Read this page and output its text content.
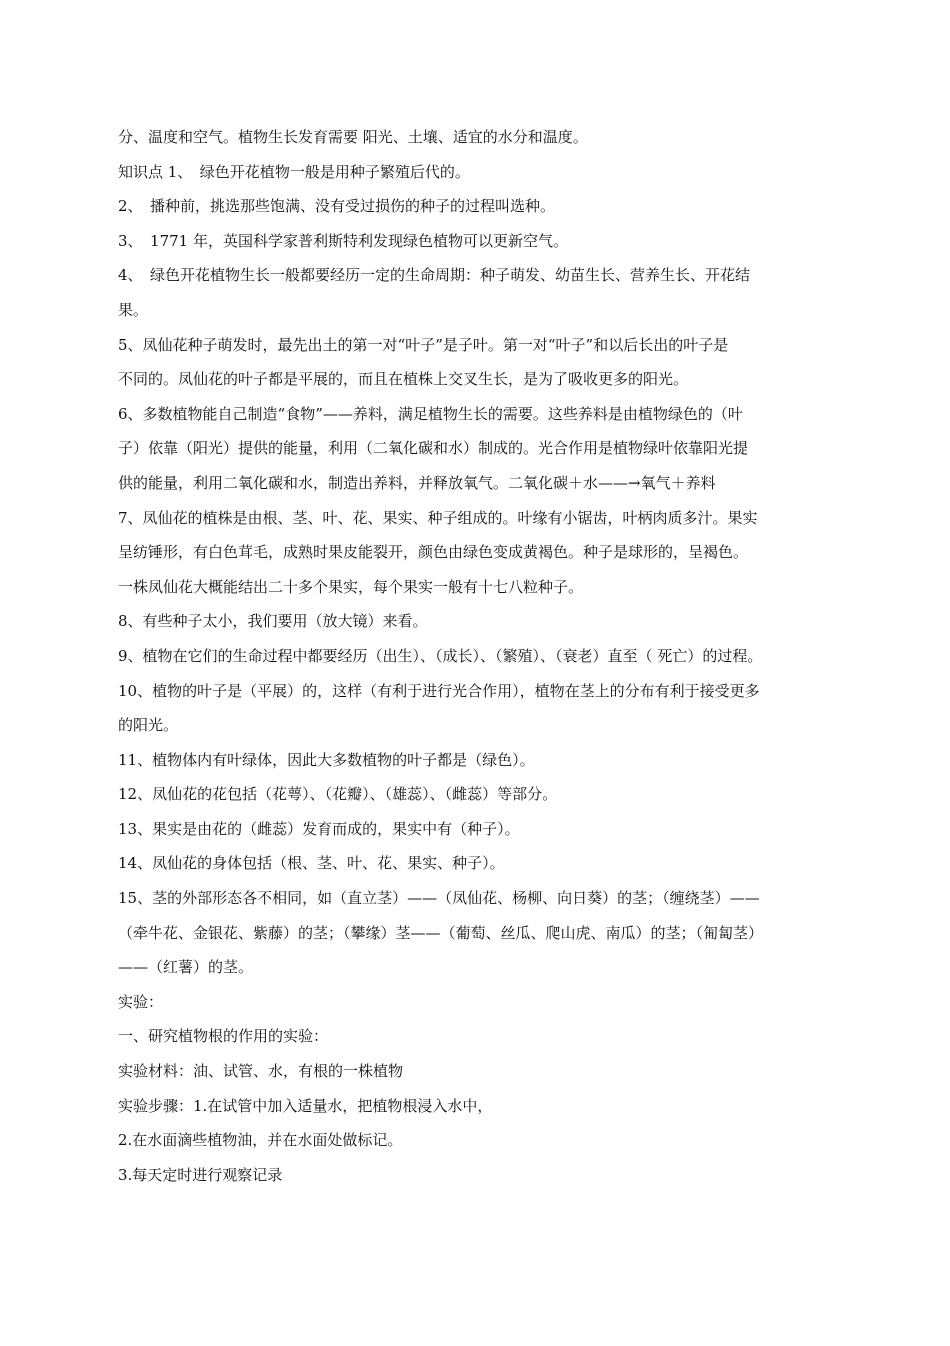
分、温度和空气。植物生长发育需要 阳光、土壤、适宜的水分和温度。
知识点 1、　绿色开花植物一般是用种子繁殖后代的。
2、　播种前，挑选那些饱满、没有受过损伤的种子的过程叫选种。
3、　1771 年，英国科学家普利斯特利发现绿色植物可以更新空气。
4、　绿色开花植物生长一般都要经历一定的生命周期：种子萌发、幼苗生长、营养生长、开花结
果。
5、凤仙花种子萌发时，最先出土的第一对“叶子”是子叶。第一对“叶子”和以后长出的叶子是
不同的。凤仙花的叶子都是平展的，而且在植株上交叉生长，是为了吸收更多的阳光。
6、多数植物能自己制造“食物”——养料，满足植物生长的需要。这些养料是由植物绿色的（叶
子）依靠（阳光）提供的能量，利用（二氧化碳和水）制成的。光合作用是植物绿叶依靠阳光提
供的能量，利用二氧化碳和水，制造出养料，并释放氧气。二氧化碳＋水——→氧气＋养料
7、凤仙花的植株是由根、茎、叶、花、果实、种子组成的。叶缘有小锯齿，叶柄肉质多汁。果实
呈纺锤形，有白色茸毛，成熟时果皮能裂开，颜色由绿色变成黄褐色。种子是球形的，呈褐色。
一株凤仙花大概能结出二十多个果实，每个果实一般有十七八粒种子。
8、有些种子太小，我们要用（放大镜）来看。
9、植物在它们的生命过程中都要经历（出生）、（成长）、（繁殖）、（衰老）直至（ 死亡）的过程。
10、植物的叶子是（平展）的，这样（有利于进行光合作用），植物在茎上的分布有利于接受更多
的阳光。
11、植物体内有叶绿体，因此大多数植物的叶子都是（绿色）。
12、凤仙花的花包括（花萼）、（花瓣）、（雄蕊）、（雌蕊）等部分。
13、果实是由花的（雌蕊）发育而成的，果实中有（种子）。
14、凤仙花的身体包括（根、茎、叶、花、果实、种子）。
15、茎的外部形态各不相同，如（直立茎）——（凤仙花、杨柳、向日葵）的茎；（缠绕茎）——
（牵牛花、金银花、紫藤）的茎；（攀缘）茎——（葡萄、丝瓜、爬山虎、南瓜）的茎；（匍匐茎）
——（红薯）的茎。
实验：
一、研究植物根的作用的实验：
实验材料：油、试管、水，有根的一株植物
实验步骤：1.在试管中加入适量水，把植物根浸入水中，
2.在水面滴些植物油，并在水面处做标记。
3.每天定时进行观察记录
